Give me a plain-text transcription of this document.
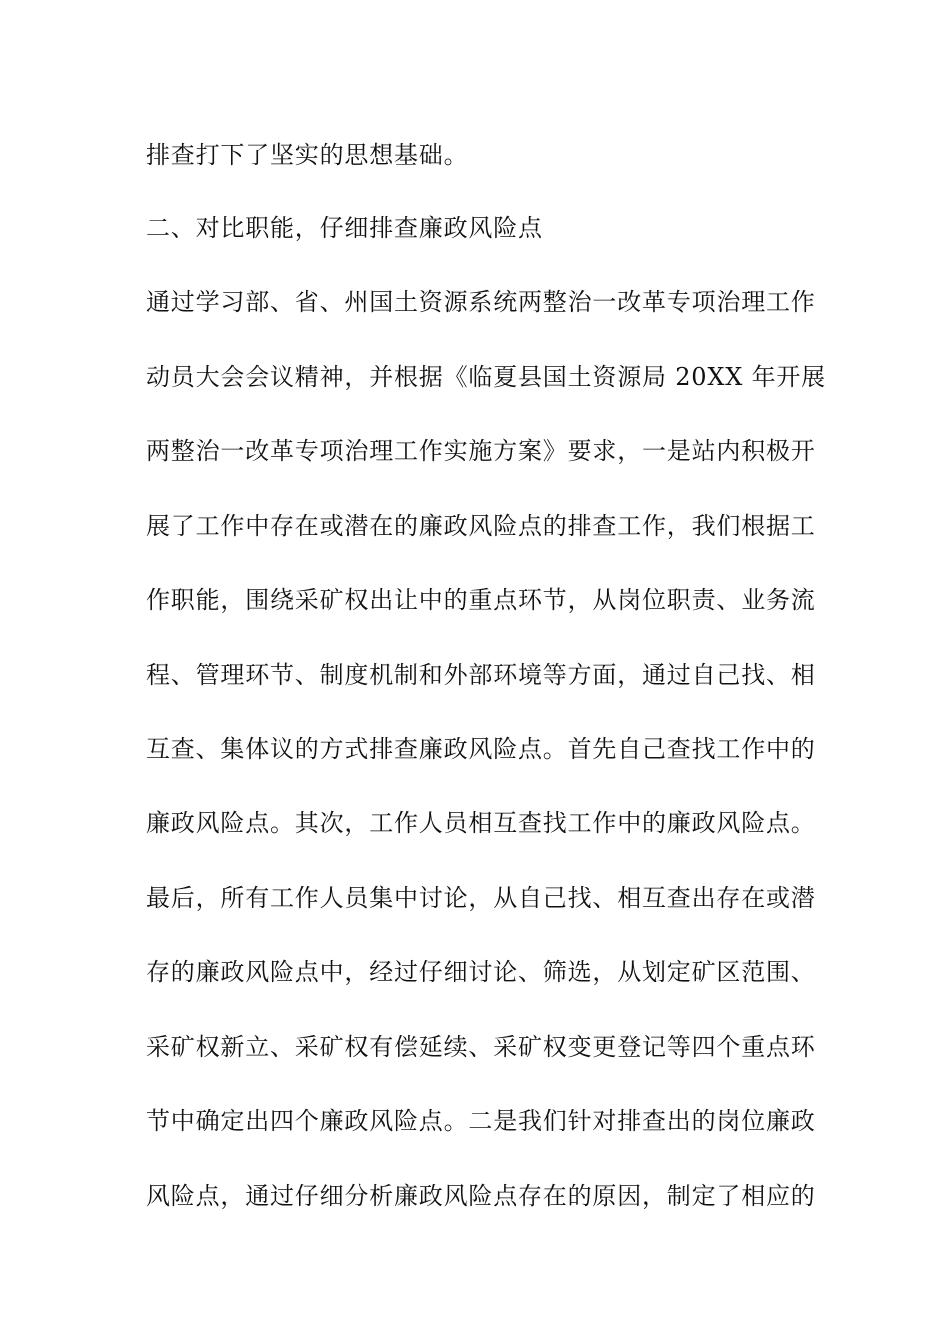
排查打下了坚实的思想基础。
二、对比职能，仔细排查廉政风险点
通过学习部、省、州国土资源系统两整治一改革专项治理工作
动员大会会议精神，并根据《临夏县国土资源局 20XX 年开展
两整治一改革专项治理工作实施方案》要求，一是站内积极开
展了工作中存在或潜在的廉政风险点的排查工作，我们根据工
作职能，围绕采矿权出让中的重点环节，从岗位职责、业务流
程、管理环节、制度机制和外部环境等方面，通过自己找、相
互查、集体议的方式排查廉政风险点。首先自己查找工作中的
廉政风险点。其次，工作人员相互查找工作中的廉政风险点。
最后，所有工作人员集中讨论，从自己找、相互查出存在或潜
存的廉政风险点中，经过仔细讨论、筛选，从划定矿区范围、
采矿权新立、采矿权有偿延续、采矿权变更登记等四个重点环
节中确定出四个廉政风险点。二是我们针对排查出的岗位廉政
风险点，通过仔细分析廉政风险点存在的原因，制定了相应的
